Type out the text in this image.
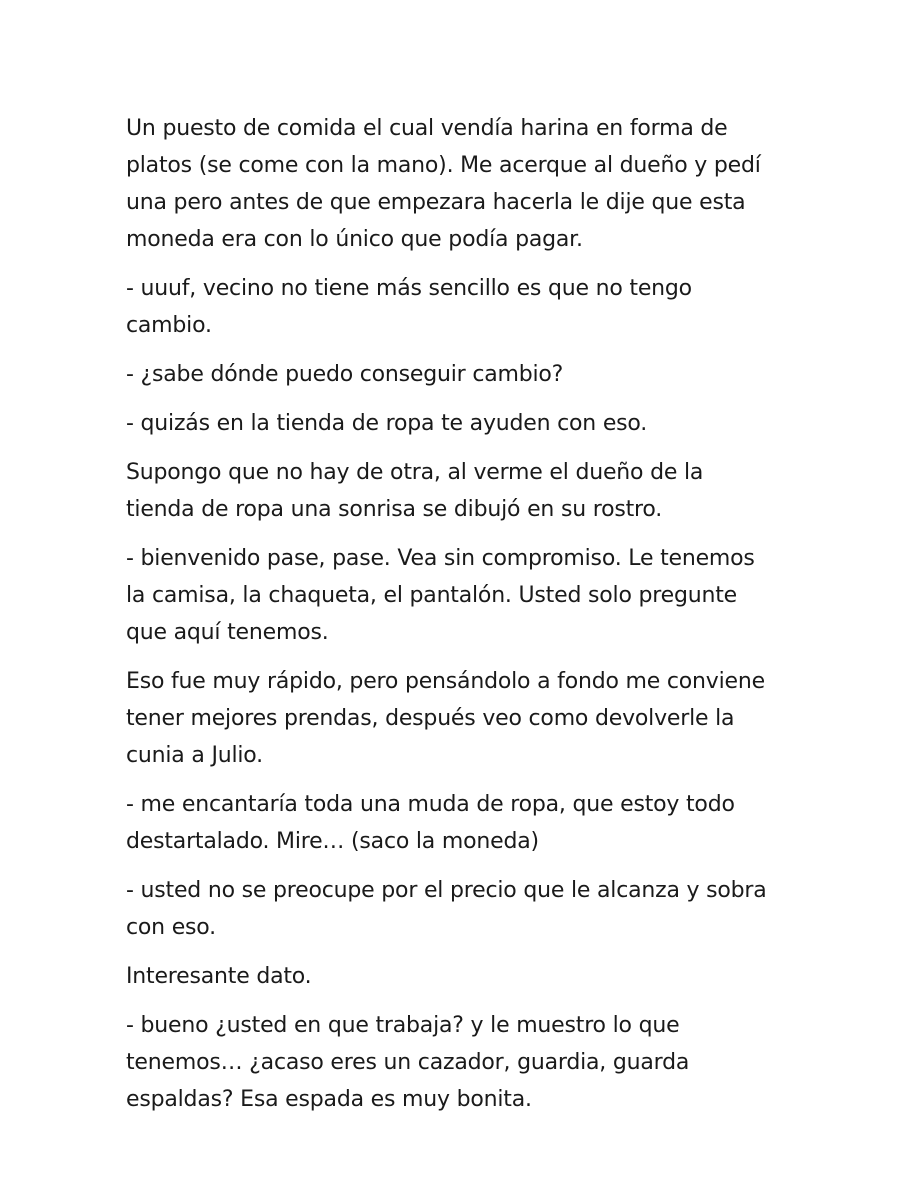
Un puesto de comida el cual vendía harina en forma de platos (se come con la mano). Me acerque al dueño y pedí una pero antes de que empezara hacerla le dije que esta moneda era con lo único que podía pagar.

- uuuf, vecino no tiene más sencillo es que no tengo cambio.

- ¿sabe dónde puedo conseguir cambio?

- quizás en la tienda de ropa te ayuden con eso.

Supongo que no hay de otra, al verme el dueño de la tienda de ropa una sonrisa se dibujó en su rostro.

- bienvenido pase, pase. Vea sin compromiso. Le tenemos la camisa, la chaqueta, el pantalón. Usted solo pregunte que aquí tenemos.

Eso fue muy rápido, pero pensándolo a fondo me conviene tener mejores prendas, después veo como devolverle la cunia a Julio.

- me encantaría toda una muda de ropa, que estoy todo destartalado. Mire… (saco la moneda)

- usted no se preocupe por el precio que le alcanza y sobra con eso.

Interesante dato.

- bueno ¿usted en que trabaja? y le muestro lo que tenemos… ¿acaso eres un cazador, guardia, guarda espaldas? Esa espada es muy bonita.
